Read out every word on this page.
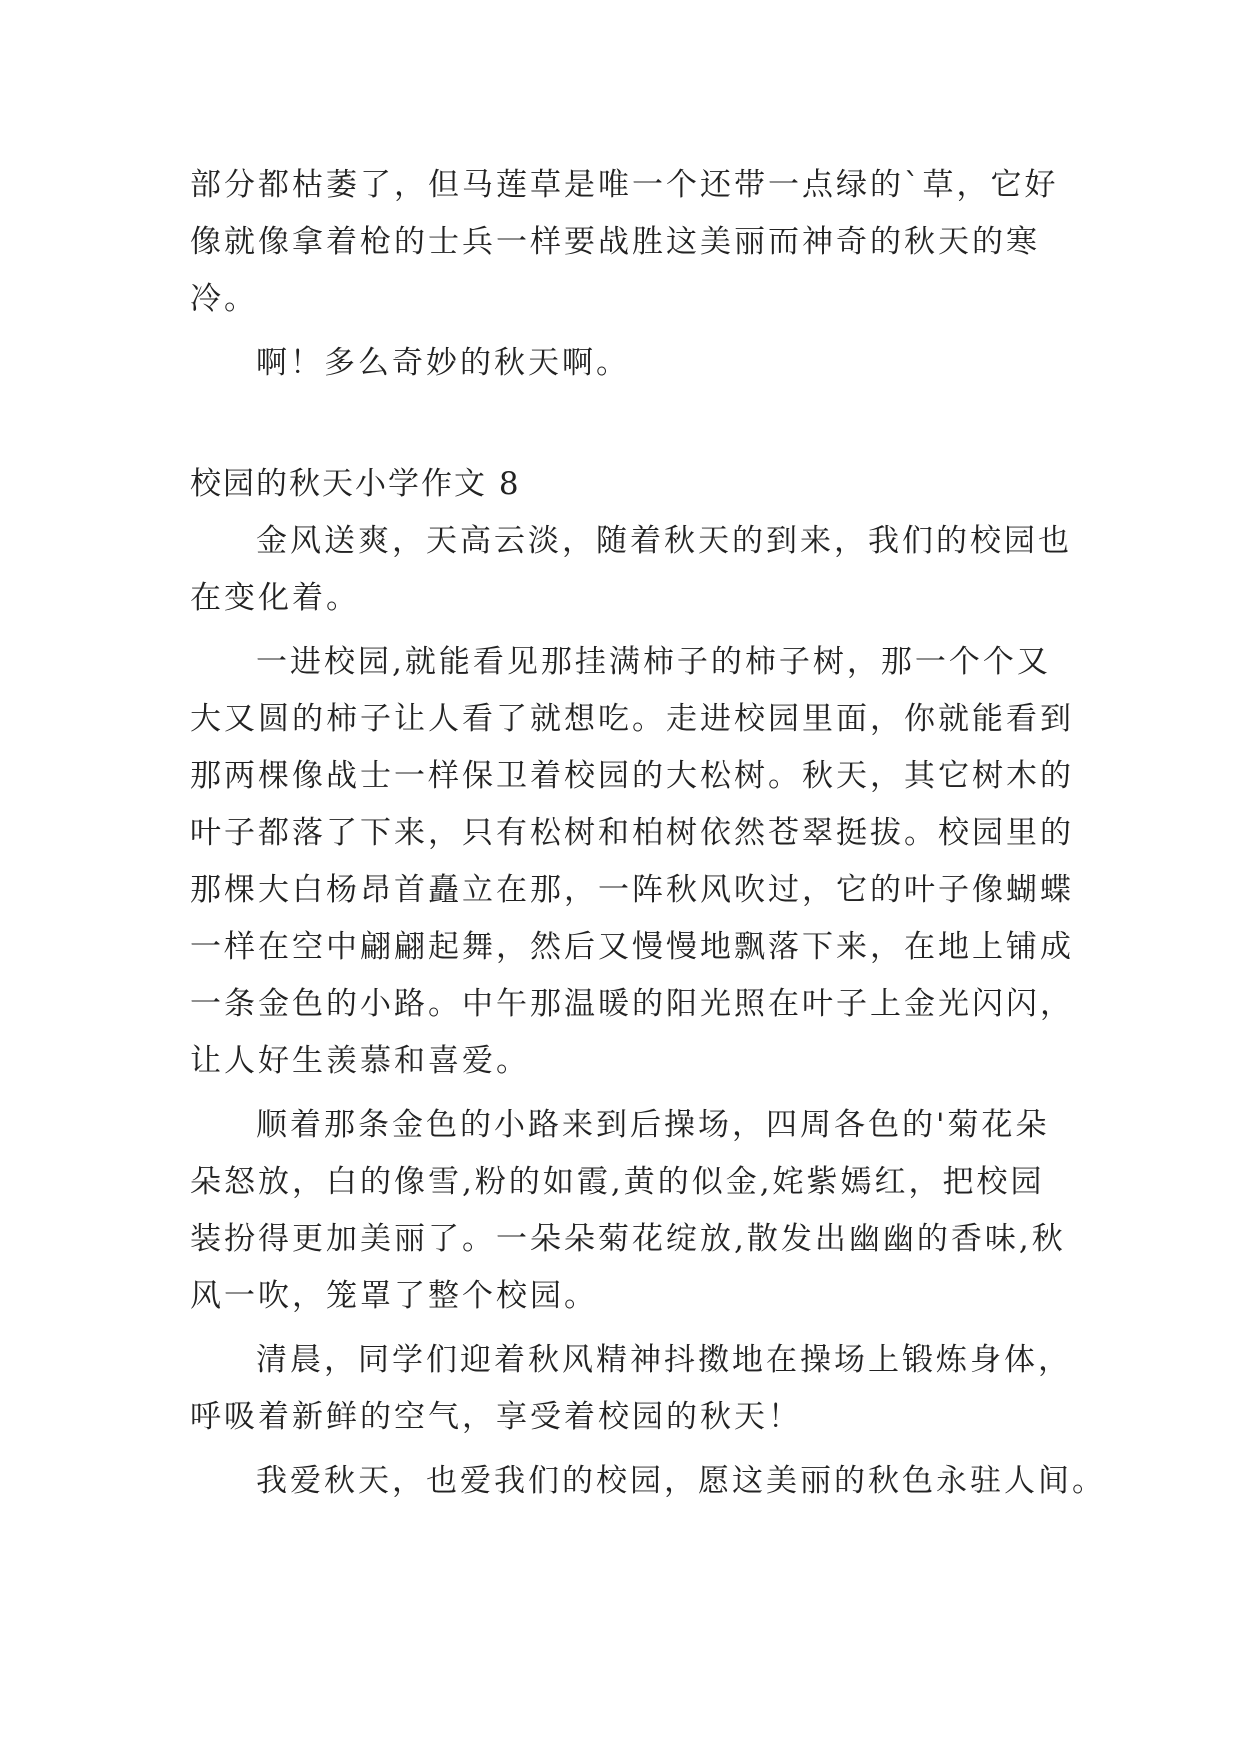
部分都枯萎了，但马莲草是唯一个还带一点绿的`草，它好
像就像拿着枪的士兵一样要战胜这美丽而神奇的秋天的寒
冷。
啊！多么奇妙的秋天啊。
校园的秋天小学作文 8
金风送爽，天高云淡，随着秋天的到来，我们的校园也
在变化着。
一进校园,就能看见那挂满柿子的柿子树，那一个个又
大又圆的柿子让人看了就想吃。走进校园里面，你就能看到
那两棵像战士一样保卫着校园的大松树。秋天，其它树木的
叶子都落了下来，只有松树和柏树依然苍翠挺拔。校园里的
那棵大白杨昂首矗立在那，一阵秋风吹过，它的叶子像蝴蝶
一样在空中翩翩起舞，然后又慢慢地飘落下来，在地上铺成
一条金色的小路。中午那温暖的阳光照在叶子上金光闪闪，
让人好生羡慕和喜爱。
顺着那条金色的小路来到后操场，四周各色的'菊花朵
朵怒放，白的像雪,粉的如霞,黄的似金,姹紫嫣红，把校园
装扮得更加美丽了。一朵朵菊花绽放,散发出幽幽的香味,秋
风一吹，笼罩了整个校园。
清晨，同学们迎着秋风精神抖擞地在操场上锻炼身体，
呼吸着新鲜的空气，享受着校园的秋天！
我爱秋天，也爱我们的校园，愿这美丽的秋色永驻人间。
